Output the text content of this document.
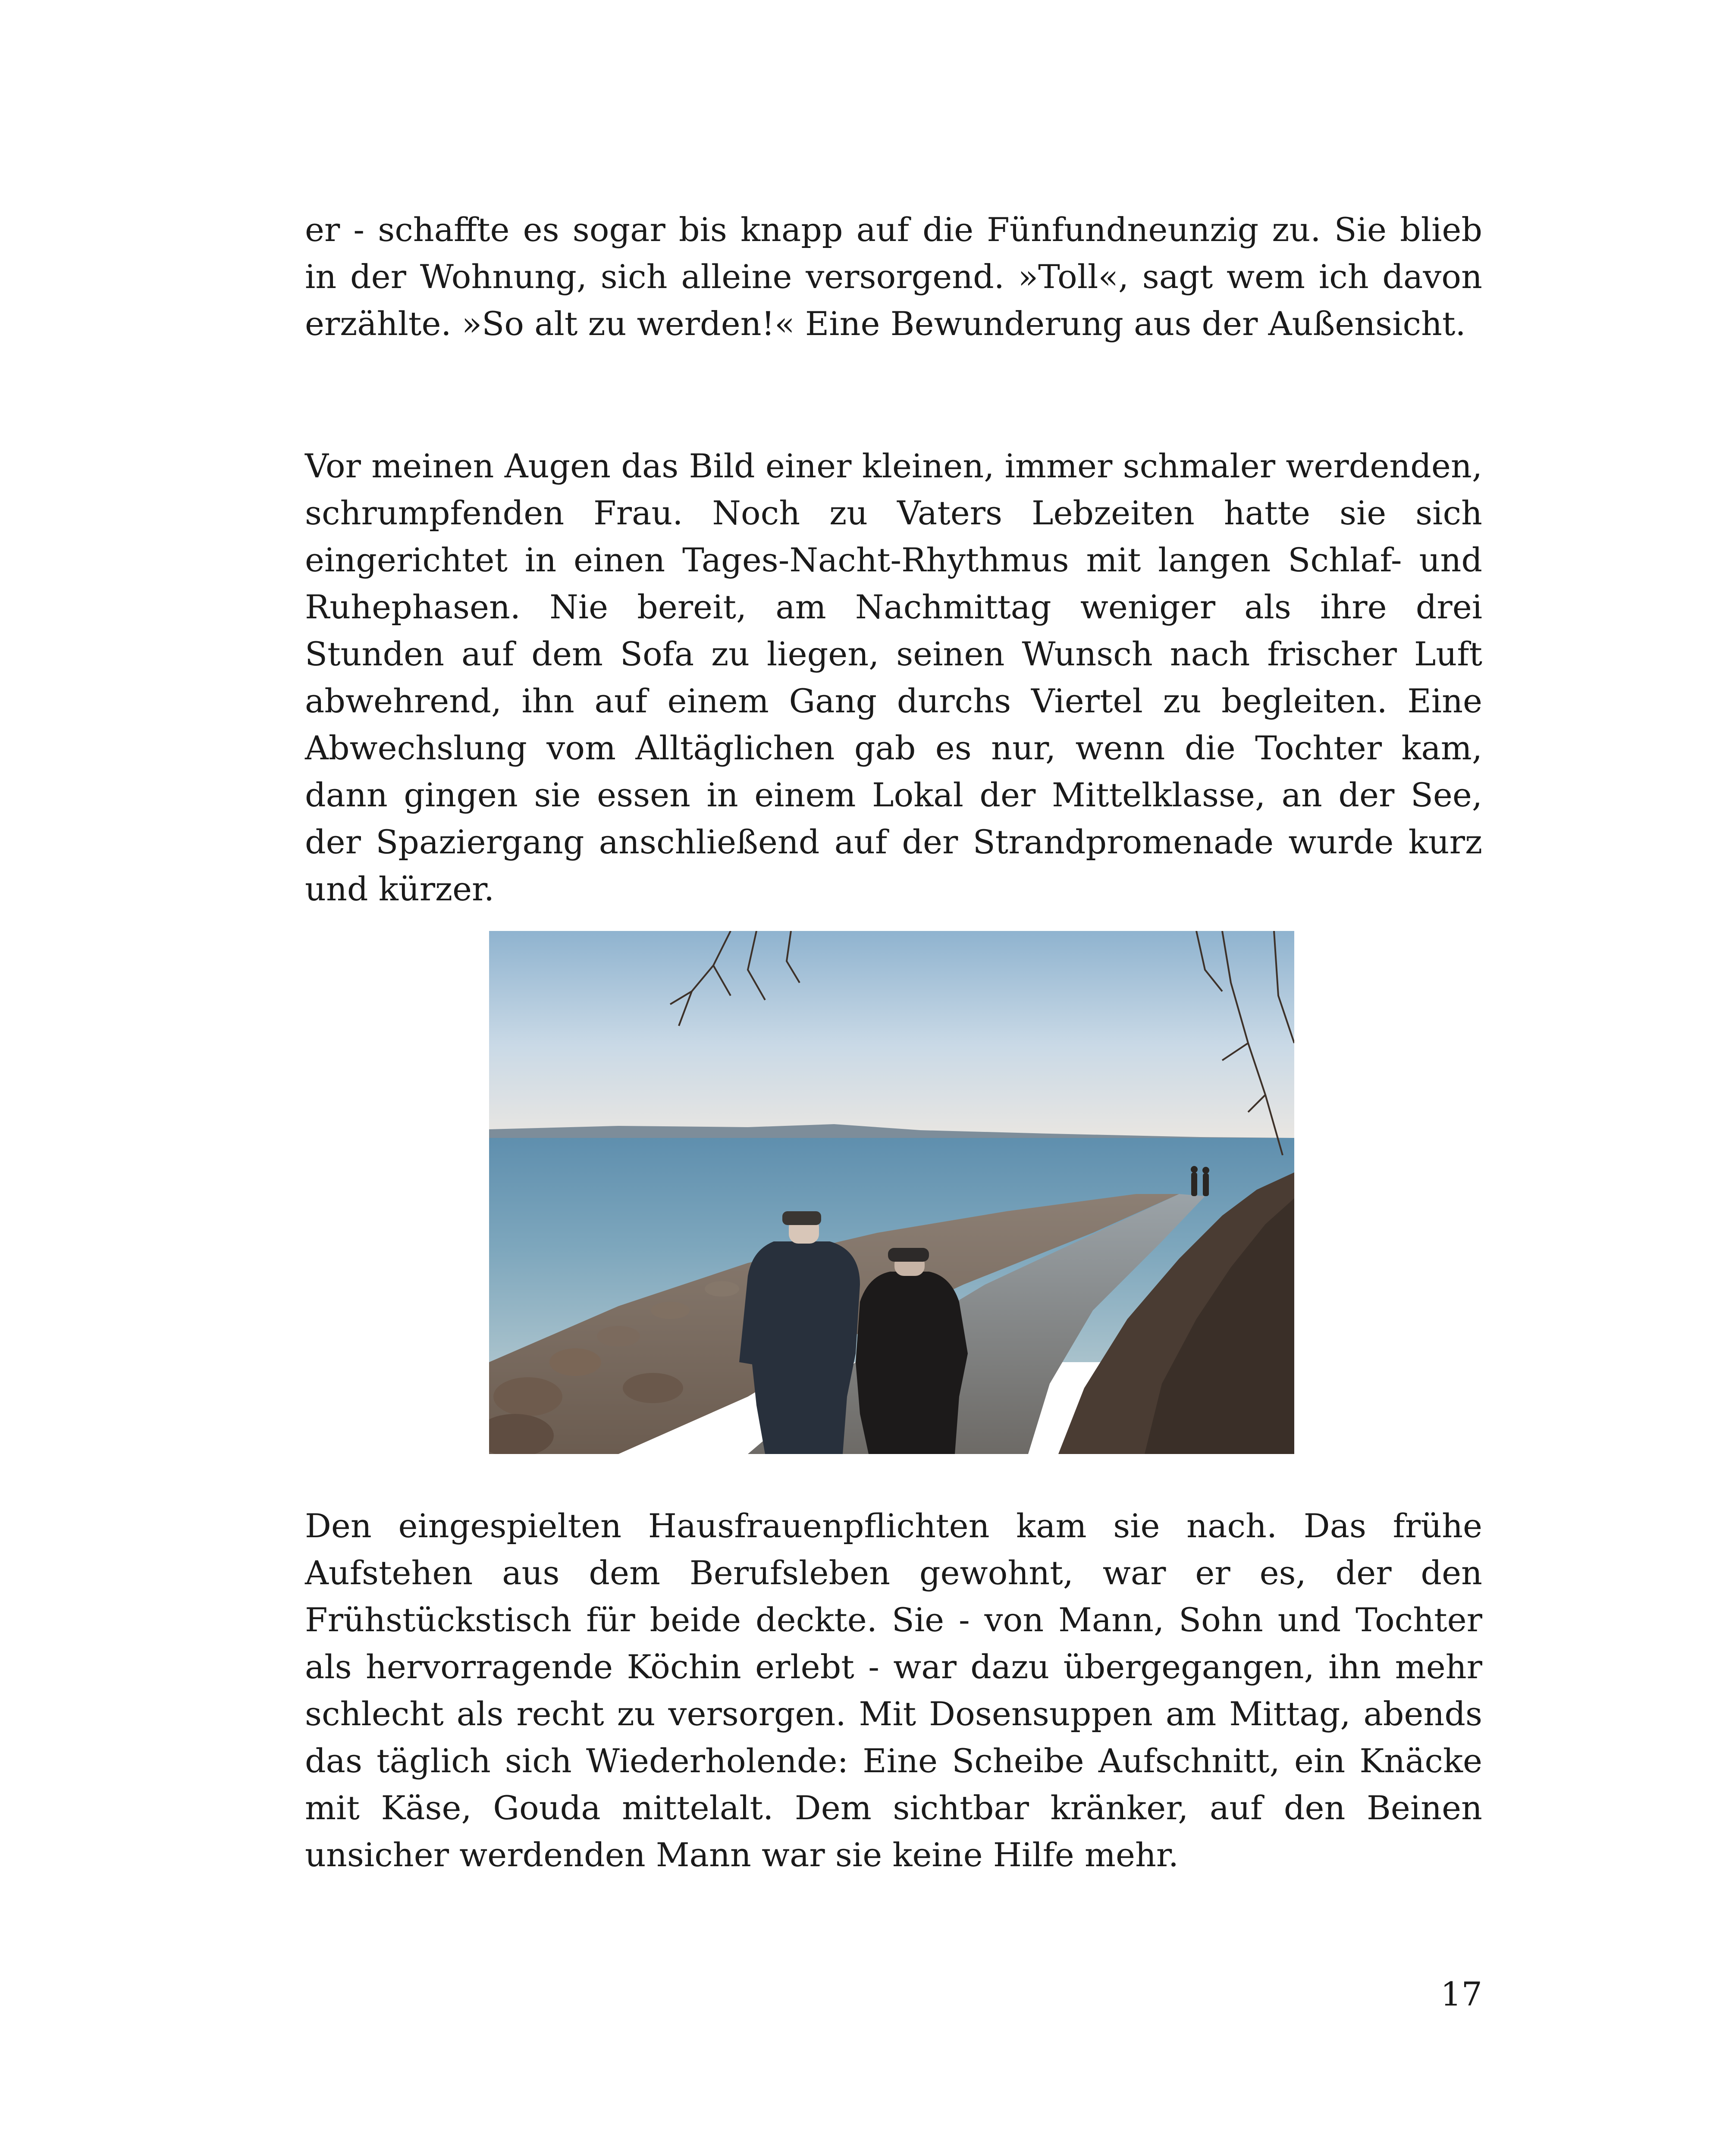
er - schaffte es sogar bis knapp auf die Fünfundneunzig zu. Sie blieb in der Wohnung, sich alleine versorgend. »Toll«, sagt wem ich davon erzählte. »So alt zu werden!« Eine Bewunderung aus der Außensicht.

Vor meinen Augen das Bild einer kleinen, immer schmaler werdenden, schrumpfenden Frau. Noch zu Vaters Lebzeiten hatte sie sich eingerichtet in einen Tages-Nacht-Rhythmus mit langen Schlaf- und Ruhephasen. Nie bereit, am Nachmittag weniger als ihre drei Stunden auf dem Sofa zu liegen, seinen Wunsch nach frischer Luft abwehrend, ihn auf einem Gang durchs Viertel zu begleiten. Eine Abwechslung vom Alltäglichen gab es nur, wenn die Tochter kam, dann gingen sie essen in einem Lokal der Mittelklasse, an der See, der Spaziergang anschließend auf der Strandpromenade wurde kurz und kürzer.

Den eingespielten Hausfrauenpflichten kam sie nach. Das frühe Aufstehen aus dem Berufsleben gewohnt, war er es, der den Frühstückstisch für beide deckte. Sie - von Mann, Sohn und Tochter als hervorragende Köchin erlebt - war dazu übergegangen, ihn mehr schlecht als recht zu versorgen. Mit Dosensuppen am Mittag, abends das täglich sich Wiederholende: Eine Scheibe Aufschnitt, ein Knäcke mit Käse, Gouda mittelalt. Dem sichtbar kränker, auf den Beinen unsicher werdenden Mann war sie keine Hilfe mehr.

17
